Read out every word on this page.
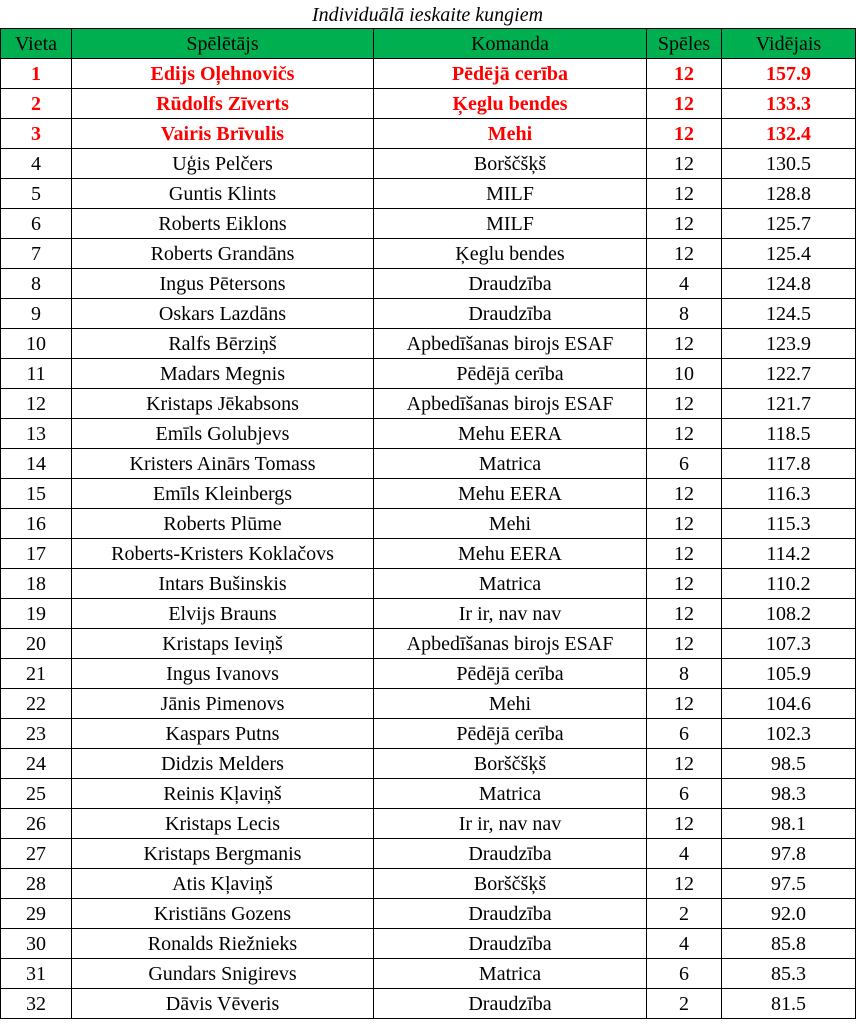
Individuālā ieskaite kungiem
Vieta	Spēlētājs	Komanda	Spēles	Vidējais
1	Edijs Oļehnovičs	Pēdējā cerība	12	157.9
2	Rūdolfs Zīverts	Ķeglu bendes	12	133.3
3	Vairis Brīvulis	Mehi	12	132.4
4	Uģis Pelčers	Borščšķš	12	130.5
5	Guntis Klints	MILF	12	128.8
6	Roberts Eiklons	MILF	12	125.7
7	Roberts Grandāns	Ķeglu bendes	12	125.4
8	Ingus Pētersons	Draudzība	4	124.8
9	Oskars Lazdāns	Draudzība	8	124.5
10	Ralfs Bērziņš	Apbedīšanas birojs ESAF	12	123.9
11	Madars Megnis	Pēdējā cerība	10	122.7
12	Kristaps Jēkabsons	Apbedīšanas birojs ESAF	12	121.7
13	Emīls Golubjevs	Mehu EERA	12	118.5
14	Kristers Ainārs Tomass	Matrica	6	117.8
15	Emīls Kleinbergs	Mehu EERA	12	116.3
16	Roberts Plūme	Mehi	12	115.3
17	Roberts-Kristers Koklačovs	Mehu EERA	12	114.2
18	Intars Bušinskis	Matrica	12	110.2
19	Elvijs Brauns	Ir ir, nav nav	12	108.2
20	Kristaps Ieviņš	Apbedīšanas birojs ESAF	12	107.3
21	Ingus Ivanovs	Pēdējā cerība	8	105.9
22	Jānis Pimenovs	Mehi	12	104.6
23	Kaspars Putns	Pēdējā cerība	6	102.3
24	Didzis Melders	Borščšķš	12	98.5
25	Reinis Kļaviņš	Matrica	6	98.3
26	Kristaps Lecis	Ir ir, nav nav	12	98.1
27	Kristaps Bergmanis	Draudzība	4	97.8
28	Atis Kļaviņš	Borščšķš	12	97.5
29	Kristiāns Gozens	Draudzība	2	92.0
30	Ronalds Riežnieks	Draudzība	4	85.8
31	Gundars Snigirevs	Matrica	6	85.3
32	Dāvis Vēveris	Draudzība	2	81.5
